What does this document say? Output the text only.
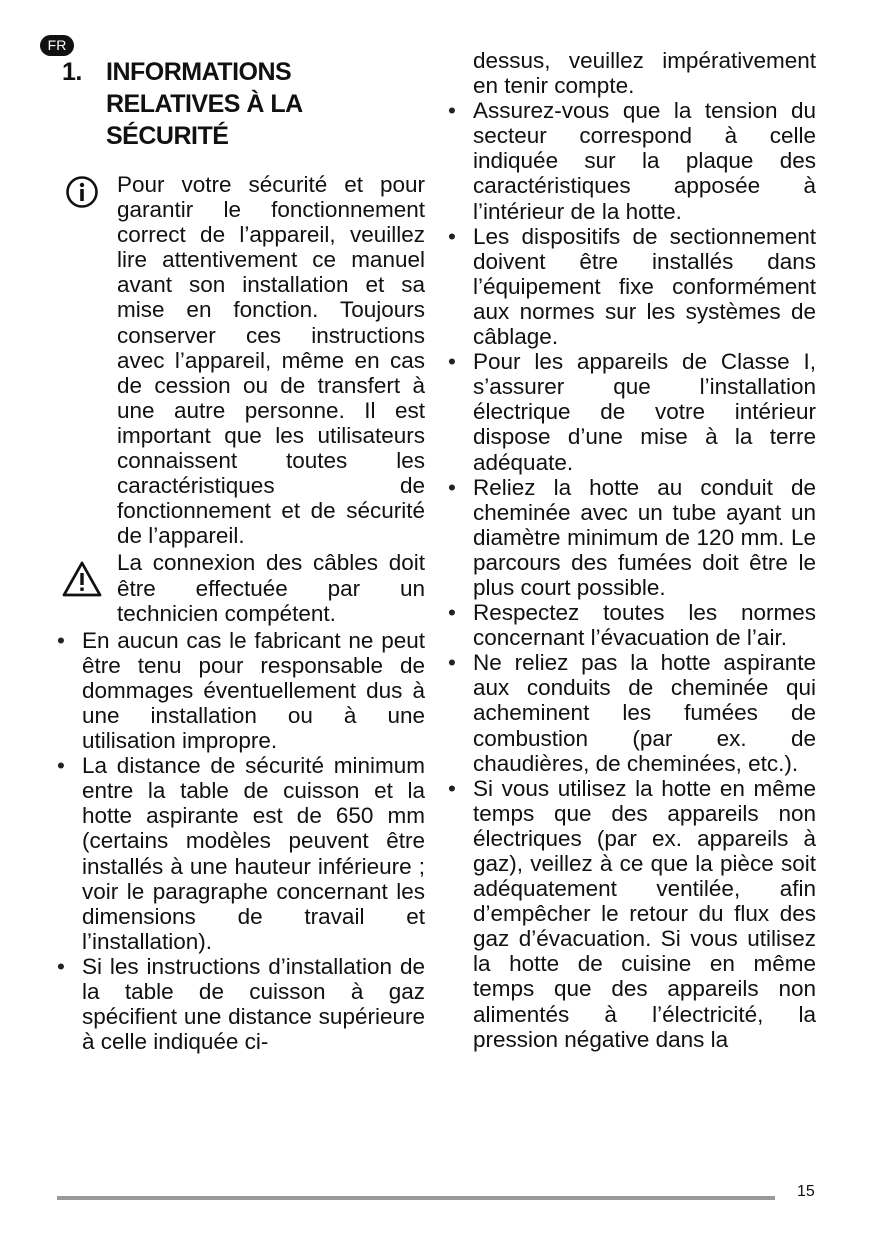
FR
1. INFORMATIONS
RELATIVES À LA
SÉCURITÉ
Pour votre sécurité et pour garantir le fonctionnement correct de l’appareil, veuillez lire attentivement ce manuel avant son installation et sa mise en fonction. Toujours conserver ces instructions avec l’appareil, même en cas de cession ou de transfert à une autre personne. Il est important que les utilisateurs connaissent toutes les caractéristiques de fonctionnement et de sécurité de l’appareil.
La connexion des câbles doit être effectuée par un technicien compétent.
• En aucun cas le fabricant ne peut être tenu pour responsable de dommages éventuellement dus à une installation ou à une utilisation impropre.
• La distance de sécurité minimum entre la table de cuisson et la hotte aspirante est de 650 mm (certains modèles peuvent être installés à une hauteur inférieure ; voir le paragraphe concernant les dimensions de travail et l’installation).
• Si les instructions d’installation de la table de cuisson à gaz spécifient une distance supérieure à celle indiquée ci-
dessus, veuillez impérativement en tenir compte.
• Assurez-vous que la tension du secteur correspond à celle indiquée sur la plaque des caractéristiques apposée à l’intérieur de la hotte.
• Les dispositifs de sectionnement doivent être installés dans l’équipement fixe conformément aux normes sur les systèmes de câblage.
• Pour les appareils de Classe I, s’assurer que l’installation électrique de votre intérieur dispose d’une mise à la terre adéquate.
• Reliez la hotte au conduit de cheminée avec un tube ayant un diamètre minimum de 120 mm. Le parcours des fumées doit être le plus court possible.
• Respectez toutes les normes concernant l’évacuation de l’air.
• Ne reliez pas la hotte aspirante aux conduits de cheminée qui acheminent les fumées de combustion (par ex. de chaudières, de cheminées, etc.).
• Si vous utilisez la hotte en même temps que des appareils non électriques (par ex. appareils à gaz), veillez à ce que la pièce soit adéquatement ventilée, afin d’empêcher le retour du flux des gaz d’évacuation. Si vous utilisez la hotte de cuisine en même temps que des appareils non alimentés à l’électricité, la pression négative dans la
15
